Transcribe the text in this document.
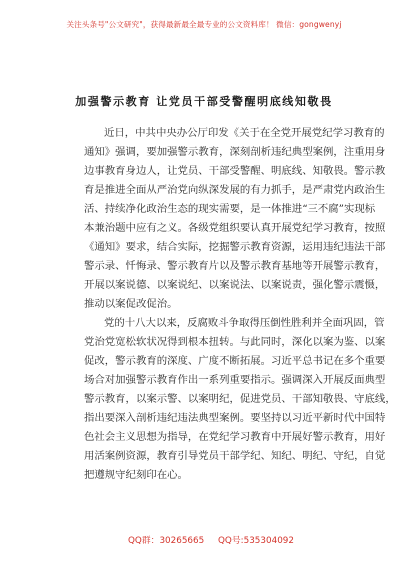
关注头条号"公文研究"，获得最新最全最专业的公文资料库！ 微信：gongwenyj
加强警示教育 让党员干部受警醒明底线知敬畏
近日，中共中央办公厅印发《关于在全党开展党纪学习教育的
通知》强调，要加强警示教育，深刻剖析违纪典型案例，注重用身
边事教育身边人，让党员、干部受警醒、明底线、知敬畏。警示教
育是推进全面从严治党向纵深发展的有力抓手，是严肃党内政治生
活、持续净化政治生态的现实需要，是一体推进“三不腐”实现标
本兼治题中应有之义。各级党组织要认真开展党纪学习教育，按照
《通知》要求，结合实际，挖掘警示教育资源，运用违纪违法干部
警示录、忏悔录、警示教育片以及警示教育基地等开展警示教育，
开展以案说德、以案说纪、以案说法、以案说责，强化警示震慑，
推动以案促改促治。
党的十八大以来，反腐败斗争取得压倒性胜利并全面巩固，管
党治党宽松软状况得到根本扭转。与此同时，深化以案为鉴、以案
促改，警示教育的深度、广度不断拓展。习近平总书记在多个重要
场合对加强警示教育作出一系列重要指示。强调深入开展反面典型
警示教育，以案示警、以案明纪，促进党员、干部知敬畏、守底线，
指出要深入剖析违纪违法典型案例。要坚持以习近平新时代中国特
色社会主义思想为指导，在党纪学习教育中开展好警示教育，用好
用活案例资源，教育引导党员干部学纪、知纪、明纪、守纪，自觉
把遵规守纪刻印在心。
QQ群：30265665 QQ号:535304092
